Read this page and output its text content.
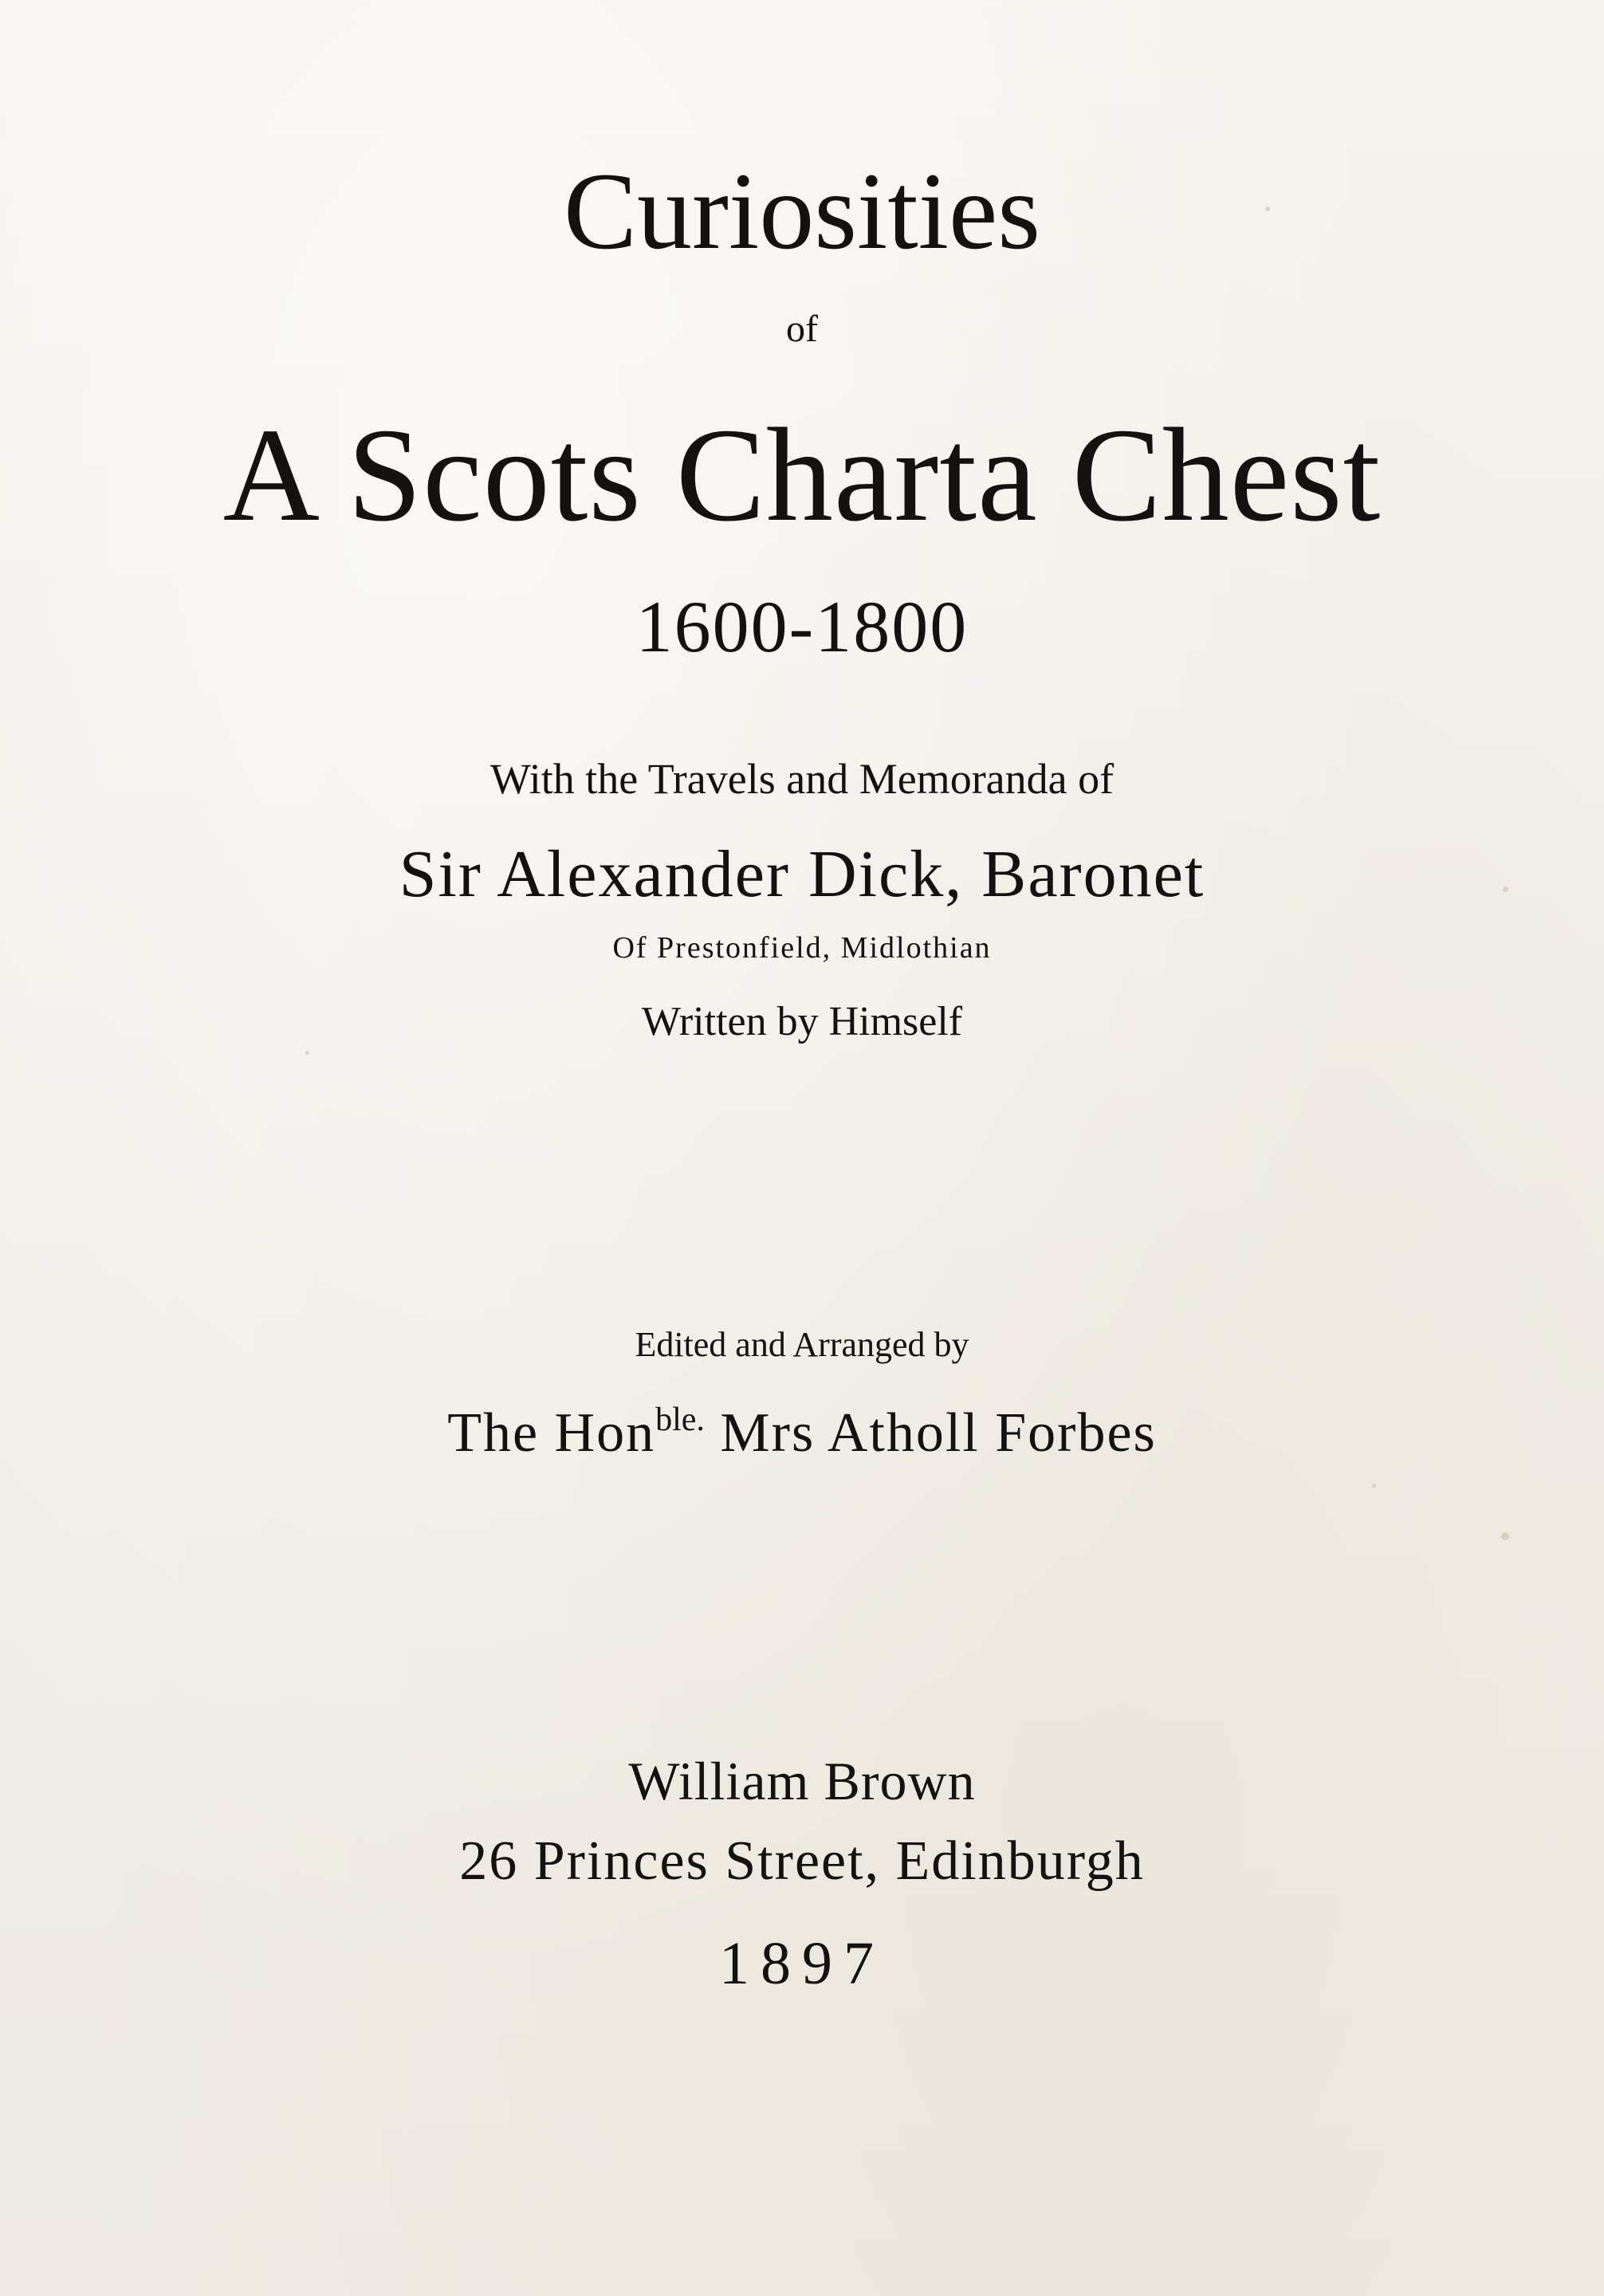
Curiosities
of
A Scots Charta Chest
1600-1800
With the Travels and Memoranda of
Sir Alexander Dick, Baronet
Of Prestonfield, Midlothian
Written by Himself
Edited and Arranged by
The Hon$^{ble.}$ Mrs Atholl Forbes
William Brown
26 Princes Street, Edinburgh
1897
